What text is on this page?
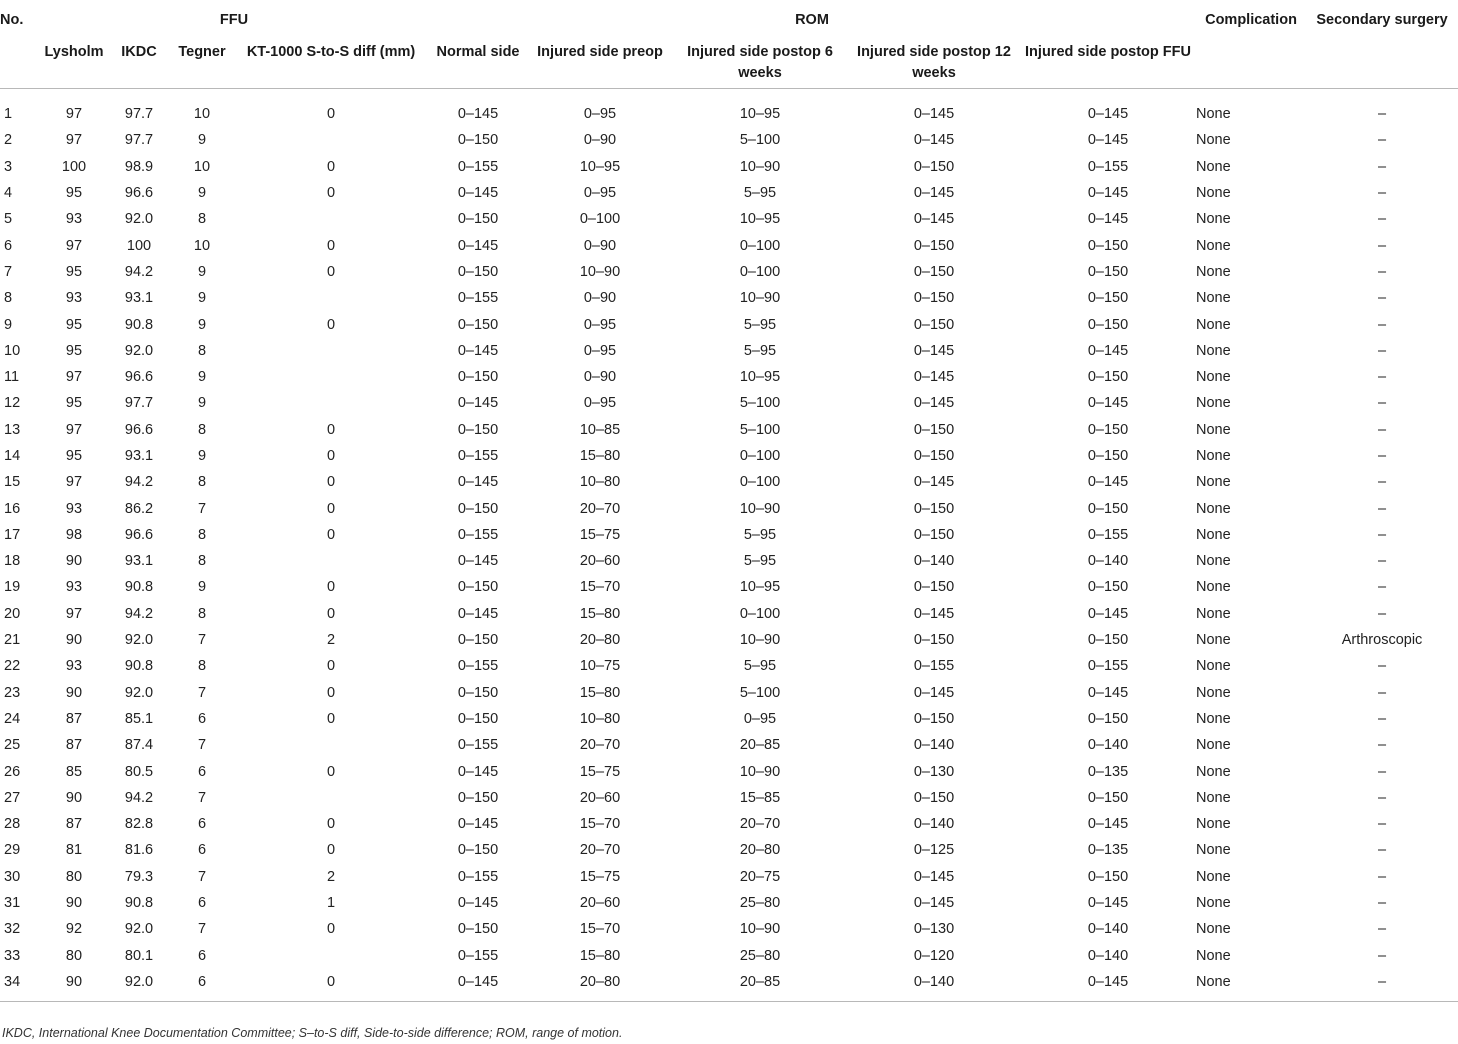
No.	FFU				ROM					Complication	Secondary surgery
	Lysholm	IKDC	Tegner	KT-1000 S-to-S diff (mm)	Normal side	Injured side preop	Injured side postop 6 weeks	Injured side postop 12 weeks	Injured side postop FFU		
1	97	97.7	10	0	0–145	0–95	10–95	0–145	0–145	None	–
2	97	97.7	9		0–150	0–90	5–100	0–145	0–145	None	–
3	100	98.9	10	0	0–155	10–95	10–90	0–150	0–155	None	–
4	95	96.6	9	0	0–145	0–95	5–95	0–145	0–145	None	–
5	93	92.0	8		0–150	0–100	10–95	0–145	0–145	None	–
6	97	100	10	0	0–145	0–90	0–100	0–150	0–150	None	–
7	95	94.2	9	0	0–150	10–90	0–100	0–150	0–150	None	–
8	93	93.1	9		0–155	0–90	10–90	0–150	0–150	None	–
9	95	90.8	9	0	0–150	0–95	5–95	0–150	0–150	None	–
10	95	92.0	8		0–145	0–95	5–95	0–145	0–145	None	–
11	97	96.6	9		0–150	0–90	10–95	0–145	0–150	None	–
12	95	97.7	9		0–145	0–95	5–100	0–145	0–145	None	–
13	97	96.6	8	0	0–150	10–85	5–100	0–150	0–150	None	–
14	95	93.1	9	0	0–155	15–80	0–100	0–150	0–150	None	–
15	97	94.2	8	0	0–145	10–80	0–100	0–145	0–145	None	–
16	93	86.2	7	0	0–150	20–70	10–90	0–150	0–150	None	–
17	98	96.6	8	0	0–155	15–75	5–95	0–150	0–155	None	–
18	90	93.1	8		0–145	20–60	5–95	0–140	0–140	None	–
19	93	90.8	9	0	0–150	15–70	10–95	0–150	0–150	None	–
20	97	94.2	8	0	0–145	15–80	0–100	0–145	0–145	None	–
21	90	92.0	7	2	0–150	20–80	10–90	0–150	0–150	None	Arthroscopic
22	93	90.8	8	0	0–155	10–75	5–95	0–155	0–155	None	–
23	90	92.0	7	0	0–150	15–80	5–100	0–145	0–145	None	–
24	87	85.1	6	0	0–150	10–80	0–95	0–150	0–150	None	–
25	87	87.4	7		0–155	20–70	20–85	0–140	0–140	None	–
26	85	80.5	6	0	0–145	15–75	10–90	0–130	0–135	None	–
27	90	94.2	7		0–150	20–60	15–85	0–150	0–150	None	–
28	87	82.8	6	0	0–145	15–70	20–70	0–140	0–145	None	–
29	81	81.6	6	0	0–150	20–70	20–80	0–125	0–135	None	–
30	80	79.3	7	2	0–155	15–75	20–75	0–145	0–150	None	–
31	90	90.8	6	1	0–145	20–60	25–80	0–145	0–145	None	–
32	92	92.0	7	0	0–150	15–70	10–90	0–130	0–140	None	–
33	80	80.1	6		0–155	15–80	25–80	0–120	0–140	None	–
34	90	92.0	6	0	0–145	20–80	20–85	0–140	0–145	None	–
IKDC, International Knee Documentation Committee; S–to-S diff, Side-to-side difference; ROM, range of motion.
